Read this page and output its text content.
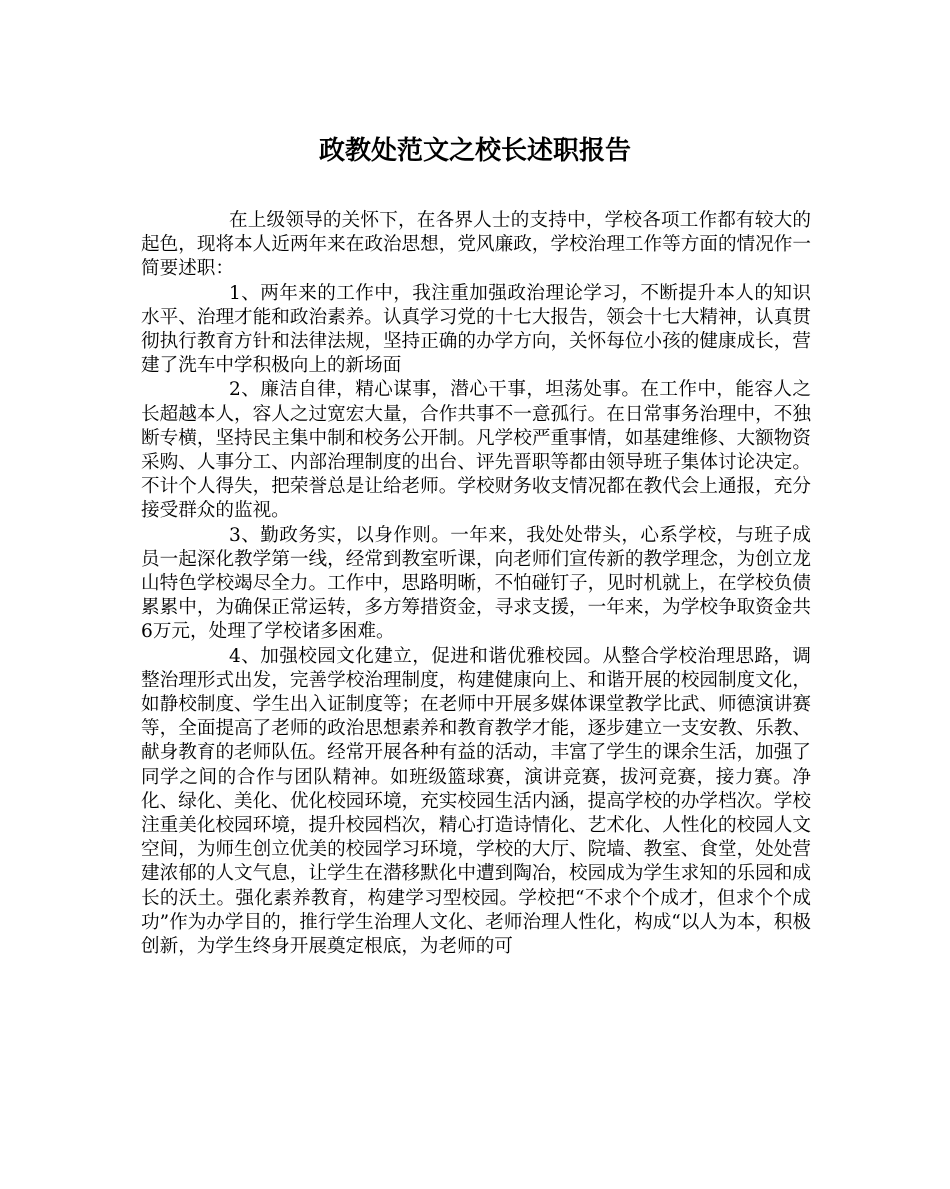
政教处范文之校长述职报告

在上级领导的关怀下，在各界人士的支持中，学校各项工作都有较大的起色，现将本人近两年来在政治思想，党风廉政，学校治理工作等方面的情况作一简要述职：

1、两年来的工作中，我注重加强政治理论学习，不断提升本人的知识水平、治理才能和政治素养。认真学习党的十七大报告，领会十七大精神，认真贯彻执行教育方针和法律法规，坚持正确的办学方向，关怀每位小孩的健康成长，营建了洗车中学积极向上的新场面

2、廉洁自律，精心谋事，潜心干事，坦荡处事。在工作中，能容人之长超越本人，容人之过宽宏大量，合作共事不一意孤行。在日常事务治理中，不独断专横，坚持民主集中制和校务公开制。凡学校严重事情，如基建维修、大额物资采购、人事分工、内部治理制度的出台、评先晋职等都由领导班子集体讨论决定。不计个人得失，把荣誉总是让给老师。学校财务收支情况都在教代会上通报，充分接受群众的监视。

3、勤政务实，以身作则。一年来，我处处带头，心系学校，与班子成员一起深化教学第一线，经常到教室听课，向老师们宣传新的教学理念，为创立龙山特色学校竭尽全力。工作中，思路明晰，不怕碰钉子，见时机就上，在学校负债累累中，为确保正常运转，多方筹措资金，寻求支援，一年来，为学校争取资金共6万元，处理了学校诸多困难。

4、加强校园文化建立，促进和谐优雅校园。从整合学校治理思路，调整治理形式出发，完善学校治理制度，构建健康向上、和谐开展的校园制度文化，如静校制度、学生出入证制度等；在老师中开展多媒体课堂教学比武、师德演讲赛等，全面提高了老师的政治思想素养和教育教学才能，逐步建立一支安教、乐教、献身教育的老师队伍。经常开展各种有益的活动，丰富了学生的课余生活，加强了同学之间的合作与团队精神。如班级篮球赛，演讲竞赛，拔河竞赛，接力赛。净化、绿化、美化、优化校园环境，充实校园生活内涵，提高学校的办学档次。学校注重美化校园环境，提升校园档次，精心打造诗情化、艺术化、人性化的校园人文空间，为师生创立优美的校园学习环境，学校的大厅、院墙、教室、食堂，处处营建浓郁的人文气息，让学生在潜移默化中遭到陶冶，校园成为学生求知的乐园和成长的沃土。强化素养教育，构建学习型校园。学校把“不求个个成才，但求个个成功”作为办学目的，推行学生治理人文化、老师治理人性化，构成“以人为本，积极创新，为学生终身开展奠定根底，为老师的可
